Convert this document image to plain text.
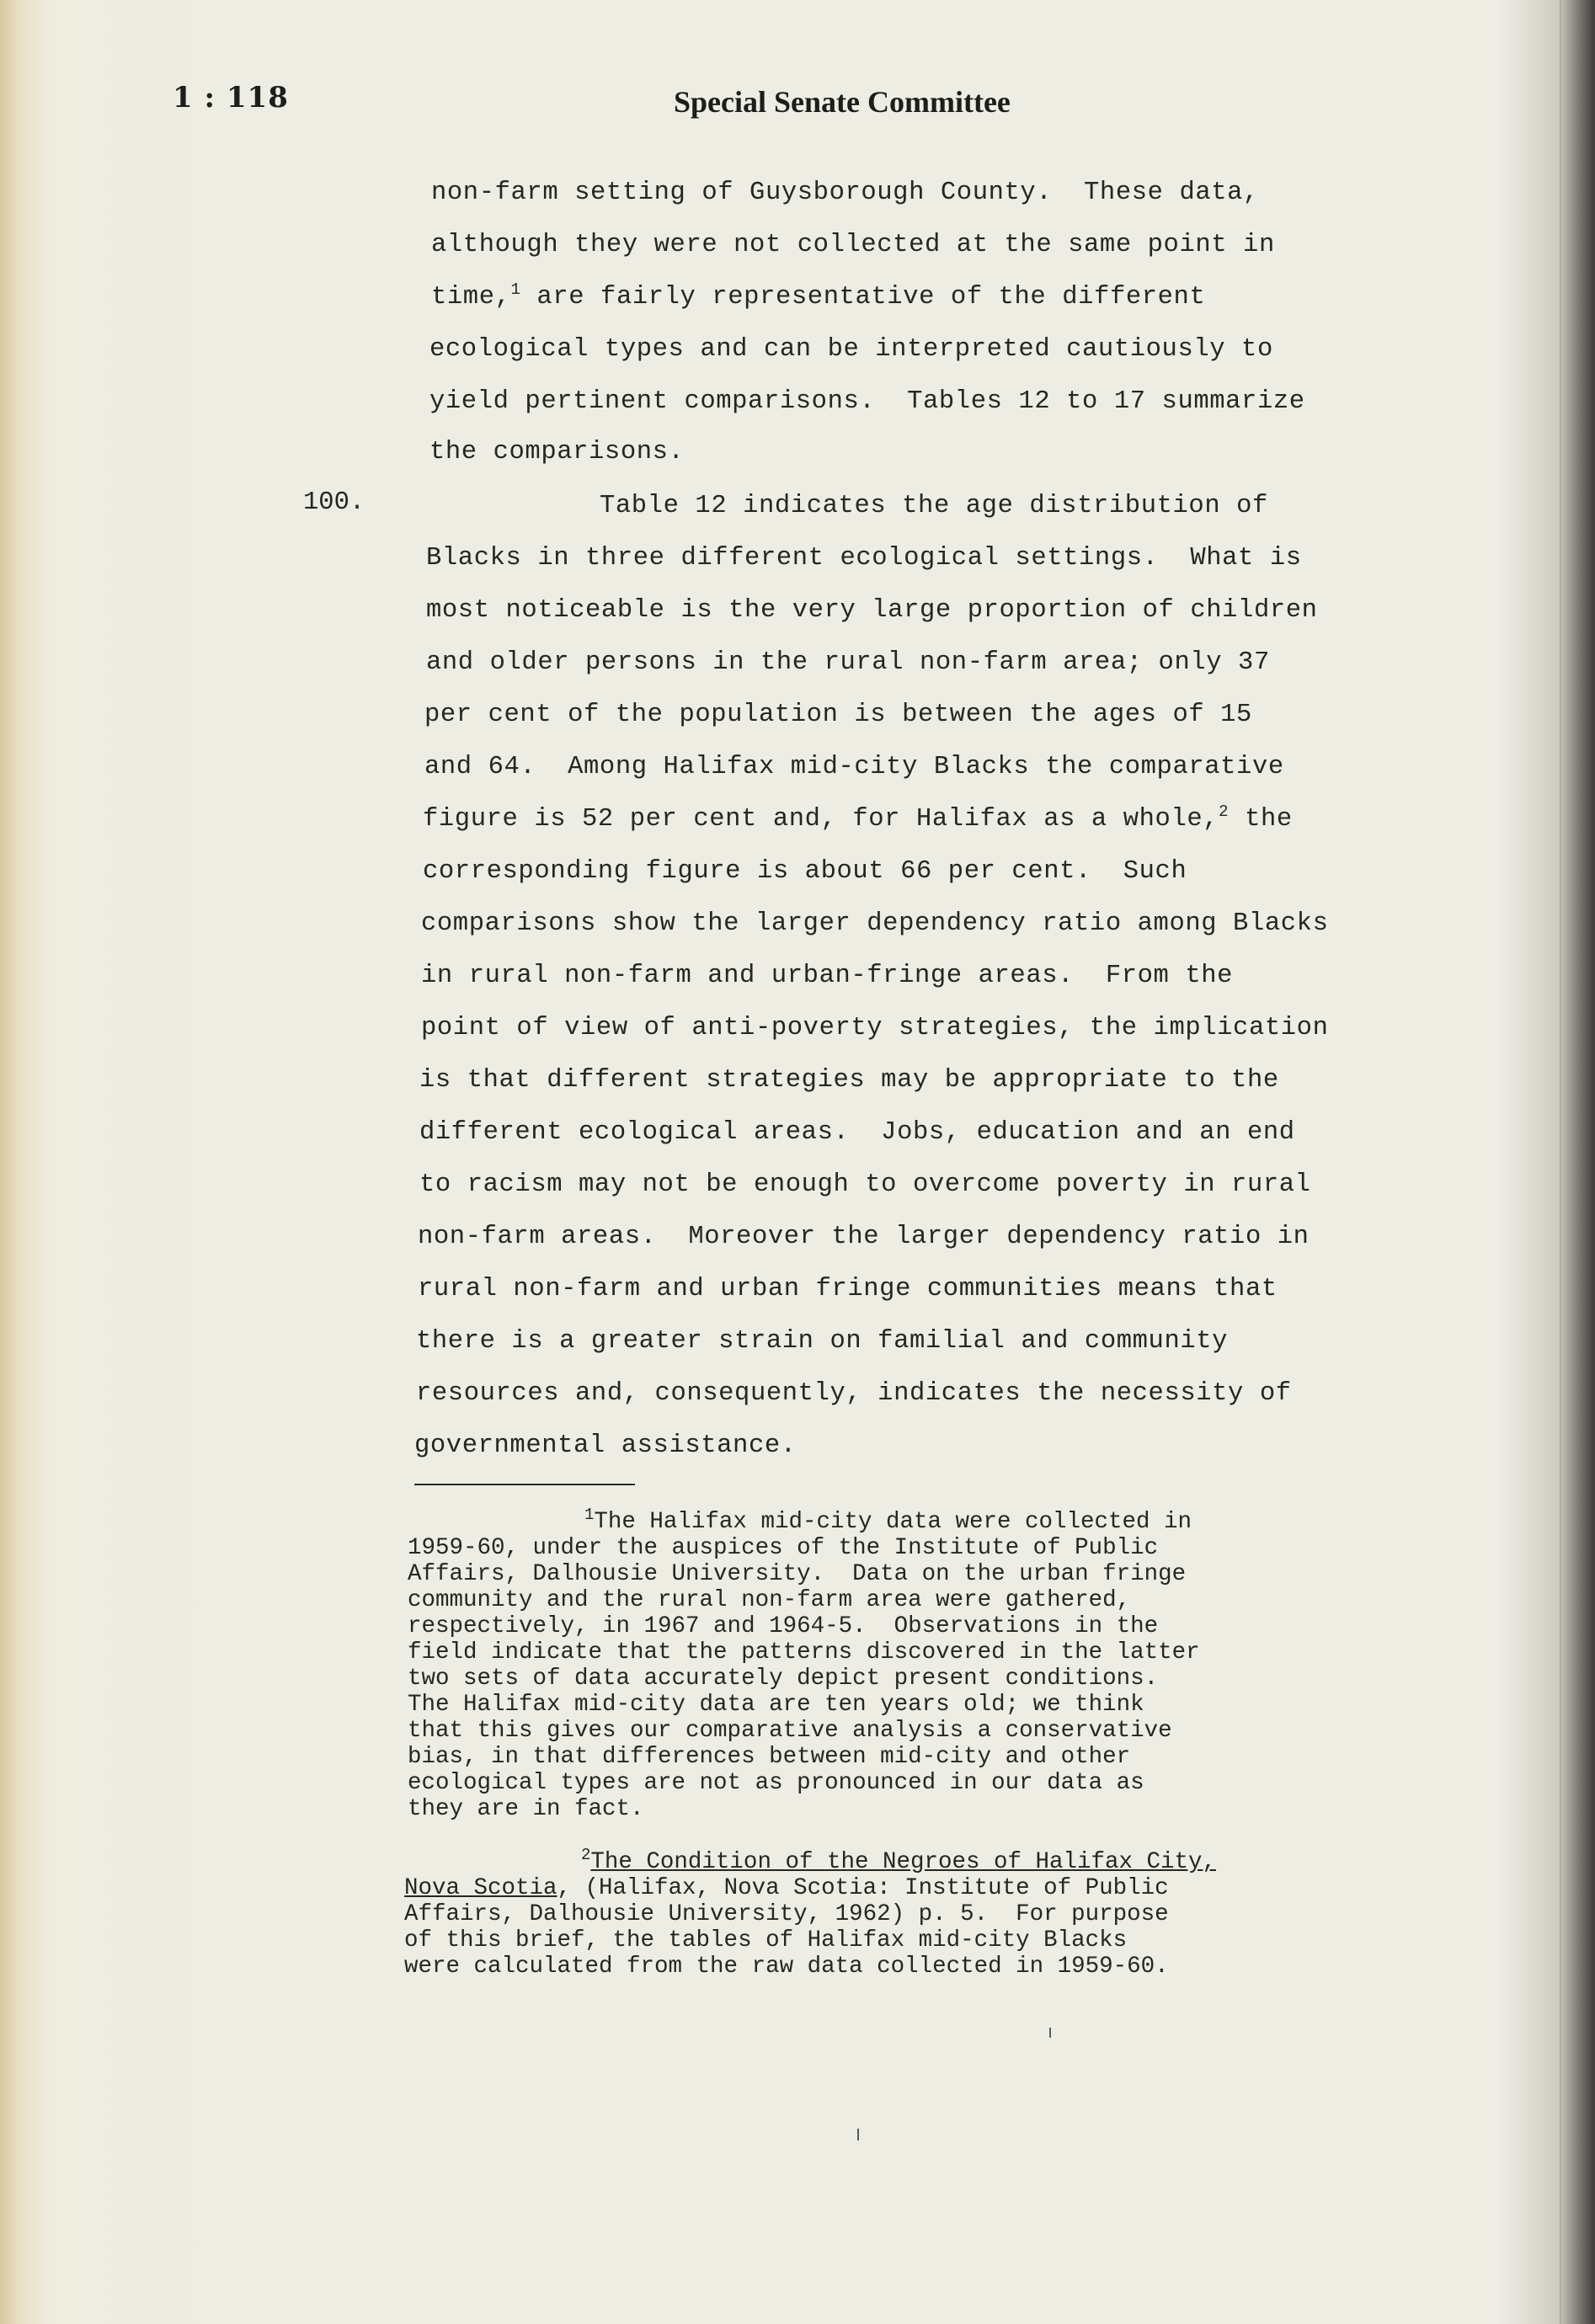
1 : 118	Special Senate Committee
non-farm setting of Guysborough County.  These data,
although they were not collected at the same point in
time,$^1$ are fairly representative of the different
ecological types and can be interpreted cautiously to
yield pertinent comparisons.  Tables 12 to 17 summarize
the comparisons.
100.	Table 12 indicates the age distribution of
Blacks in three different ecological settings.  What is
most noticeable is the very large proportion of children
and older persons in the rural non-farm area; only 37
per cent of the population is between the ages of 15
and 64.  Among Halifax mid-city Blacks the comparative
figure is 52 per cent and, for Halifax as a whole,$^2$ the
corresponding figure is about 66 per cent.  Such
comparisons show the larger dependency ratio among Blacks
in rural non-farm and urban-fringe areas.  From the
point of view of anti-poverty strategies, the implication
is that different strategies may be appropriate to the
different ecological areas.  Jobs, education and an end
to racism may not be enough to overcome poverty in rural
non-farm areas.  Moreover the larger dependency ratio in
rural non-farm and urban fringe communities means that
there is a greater strain on familial and community
resources and, consequently, indicates the necessity of
governmental assistance.
$^1$The Halifax mid-city data were collected in
1959-60, under the auspices of the Institute of Public
Affairs, Dalhousie University.  Data on the urban fringe
community and the rural non-farm area were gathered,
respectively, in 1967 and 1964-5.  Observations in the
field indicate that the patterns discovered in the latter
two sets of data accurately depict present conditions.
The Halifax mid-city data are ten years old; we think
that this gives our comparative analysis a conservative
bias, in that differences between mid-city and other
ecological types are not as pronounced in our data as
they are in fact.
$^2$The Condition of the Negroes of Halifax City,
Nova Scotia, (Halifax, Nova Scotia: Institute of Public
Affairs, Dalhousie University, 1962) p. 5.  For purpose
of this brief, the tables of Halifax mid-city Blacks
were calculated from the raw data collected in 1959-60.
